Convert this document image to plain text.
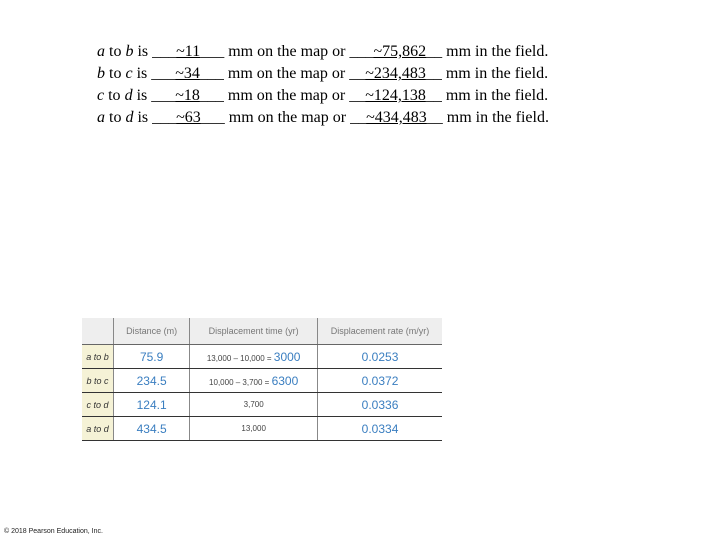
a to b is ___~11___ mm on the map or ___~75,862__ mm in the field.
b to c is ___~34___ mm on the map or __~234,483__ mm in the field.
c to d is ___~18___ mm on the map or __~124,138__ mm in the field.
a to d is ___~63___ mm on the map or __~434,483__ mm in the field.
	Distance (m)	Displacement time (yr)	Displacement rate (m/yr)
a to b	75.9	13,000 – 10,000 = 3000	0.0253
b to c	234.5	10,000 – 3,700 = 6300	0.0372
c to d	124.1	3,700	0.0336
a to d	434.5	13,000	0.0334
© 2018 Pearson Education, Inc.
